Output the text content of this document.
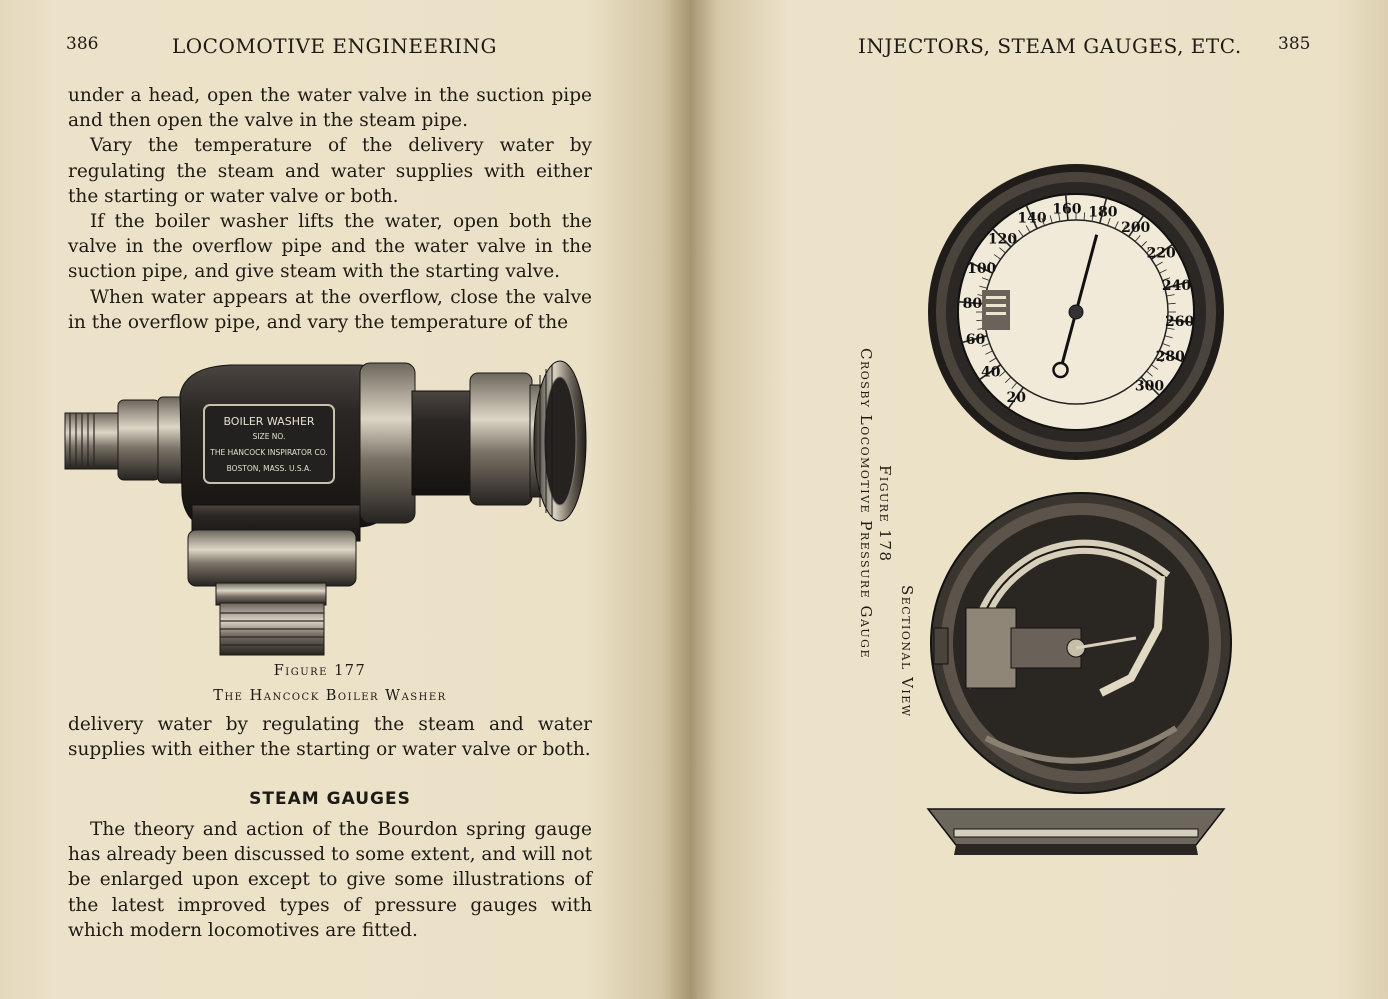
386	LOCOMOTIVE ENGINEERING

under a head, open the water valve in the suction pipe and then open the valve in the steam pipe.

Vary the temperature of the delivery water by regulating the steam and water supplies with either the starting or water valve or both.

If the boiler washer lifts the water, open both the valve in the overflow pipe and the water valve in the suction pipe, and give steam with the starting valve.

When water appears at the overflow, close the valve in the overflow pipe, and vary the temperature of the

BOILER WASHER
SIZE NO.
THE HANCOCK INSPIRATOR CO.
BOSTON, MASS. U.S.A.
Figure 177
The Hancock Boiler Washer

delivery water by regulating the steam and water supplies with either the starting or water valve or both.

STEAM GAUGES

The theory and action of the Bourdon spring gauge has already been discussed to some extent, and will not be enlarged upon except to give some illustrations of the latest improved types of pressure gauges with which modern locomotives are fitted.

INJECTORS, STEAM GAUGES, ETC. 385
20
40
60
80
100
120
140
160 180
200
220
240
260
280
300
Crosby Locomotive Pressure Gauge Figure 178
Sectional View
